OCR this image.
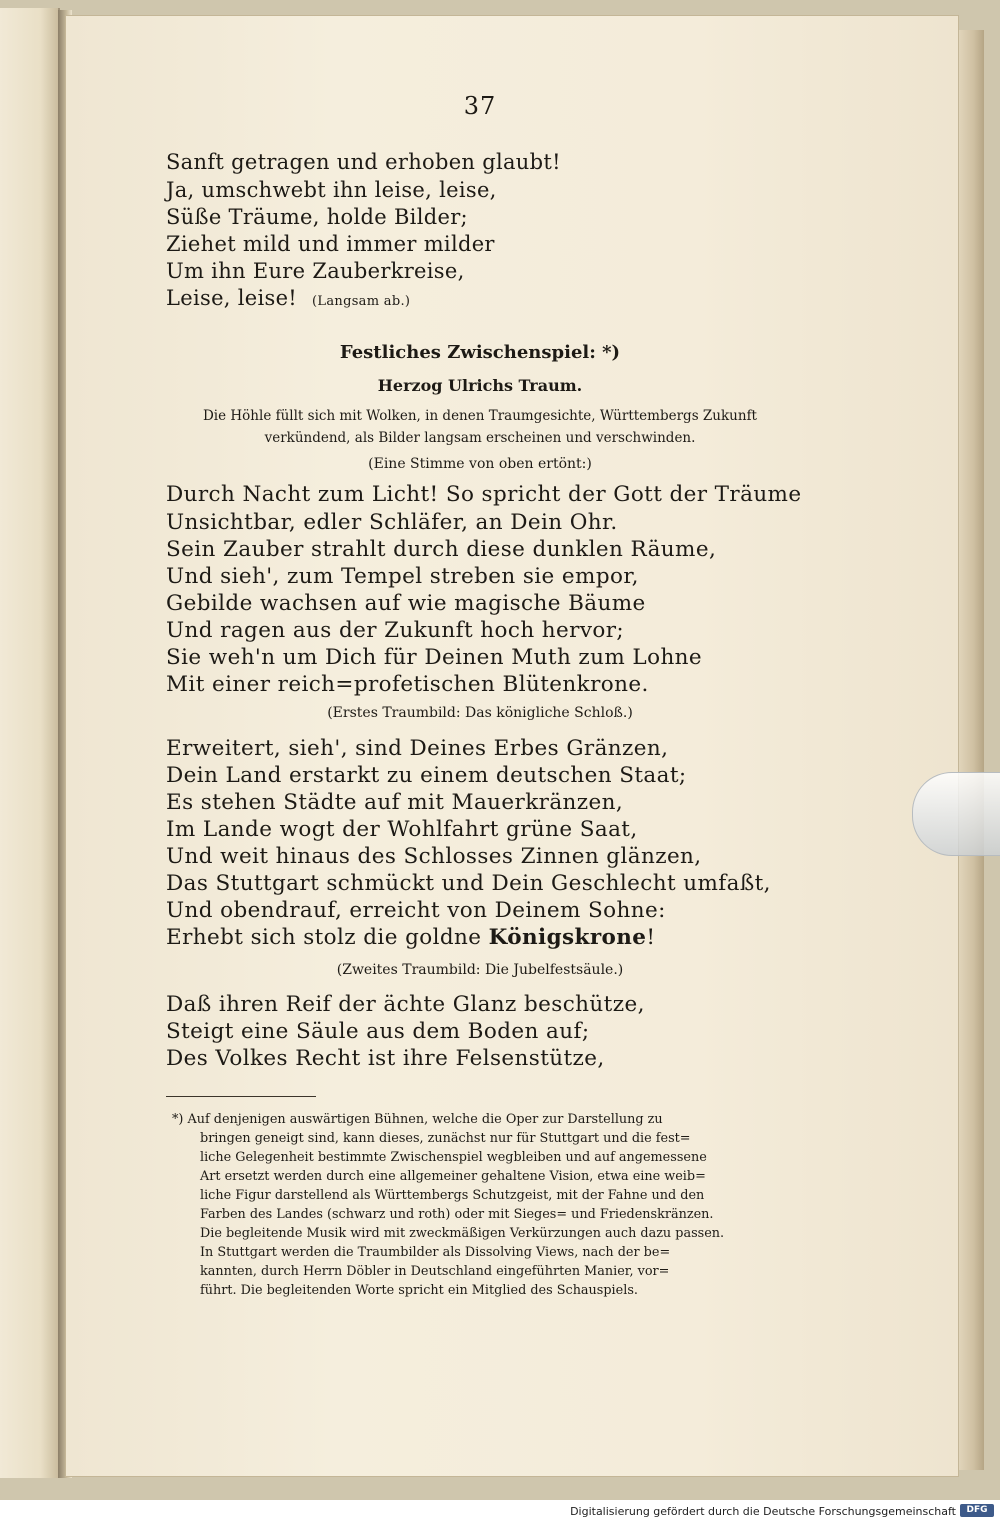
37
Sanft getragen und erhoben glaubt!
Ja, umschwebt ihn leise, leise,
Süße Träume, holde Bilder;
Ziehet mild und immer milder
Um ihn Eure Zauberkreise,
Leise, leise! (Langsam ab.)
Festliches Zwischenspiel: *)
Herzog Ulrichs Traum.
Die Höhle füllt sich mit Wolken, in denen Traumgesichte, Württembergs Zukunft
verkündend, als Bilder langsam erscheinen und verschwinden.
(Eine Stimme von oben ertönt:)
Durch Nacht zum Licht! So spricht der Gott der Träume
Unsichtbar, edler Schläfer, an Dein Ohr.
Sein Zauber strahlt durch diese dunklen Räume,
Und sieh', zum Tempel streben sie empor,
Gebilde wachsen auf wie magische Bäume
Und ragen aus der Zukunft hoch hervor;
Sie weh'n um Dich für Deinen Muth zum Lohne
Mit einer reich=profetischen Blütenkrone.
(Erstes Traumbild: Das königliche Schloß.)
Erweitert, sieh', sind Deines Erbes Gränzen,
Dein Land erstarkt zu einem deutschen Staat;
Es stehen Städte auf mit Mauerkränzen,
Im Lande wogt der Wohlfahrt grüne Saat,
Und weit hinaus des Schlosses Zinnen glänzen,
Das Stuttgart schmückt und Dein Geschlecht umfaßt,
Und obendrauf, erreicht von Deinem Sohne:
Erhebt sich stolz die goldne Königskrone!
(Zweites Traumbild: Die Jubelfestsäule.)
Daß ihren Reif der ächte Glanz beschütze,
Steigt eine Säule aus dem Boden auf;
Des Volkes Recht ist ihre Felsenstütze,
*) Auf denjenigen auswärtigen Bühnen, welche die Oper zur Darstellung zu
bringen geneigt sind, kann dieses, zunächst nur für Stuttgart und die fest=
liche Gelegenheit bestimmte Zwischenspiel wegbleiben und auf angemessene
Art ersetzt werden durch eine allgemeiner gehaltene Vision, etwa eine weib=
liche Figur darstellend als Württembergs Schutzgeist, mit der Fahne und den
Farben des Landes (schwarz und roth) oder mit Sieges= und Friedenskränzen.
Die begleitende Musik wird mit zweckmäßigen Verkürzungen auch dazu passen.
In Stuttgart werden die Traumbilder als Dissolving Views, nach der be=
kannten, durch Herrn Döbler in Deutschland eingeführten Manier, vor=
führt. Die begleitenden Worte spricht ein Mitglied des Schauspiels.
Digitalisierung gefördert durch die Deutsche Forschungsgemeinschaft	DFG
